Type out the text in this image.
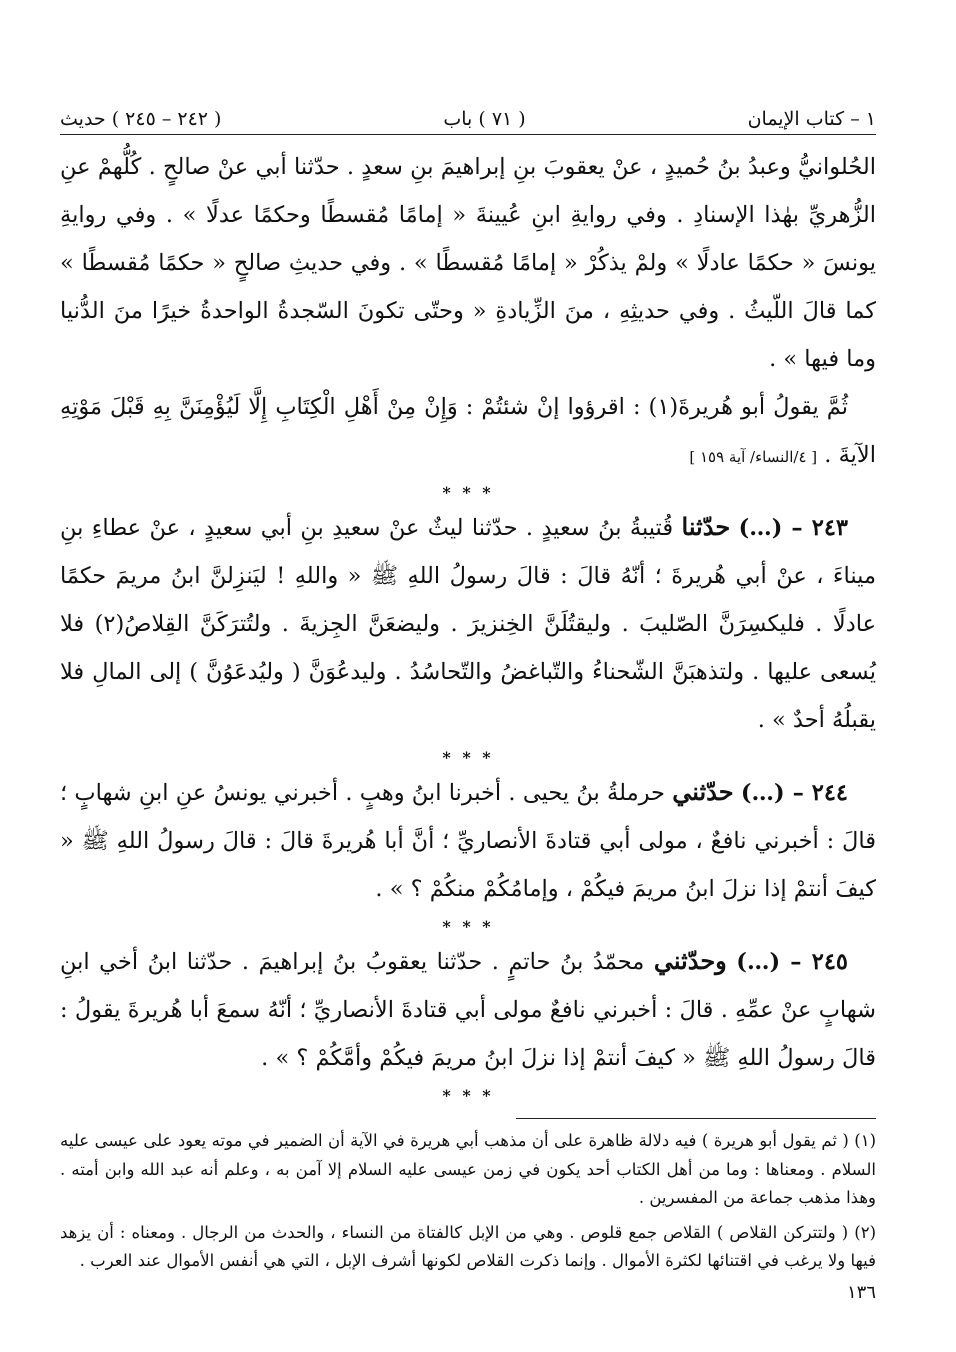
١ – كتاب الإيمان
( ٧١ ) باب
( ٢٤٢ – ٢٤٥ ) حديث

الحُلوانيُّ وعبدُ بنُ حُميدٍ ، عنْ يعقوبَ بنِ إبراهيمَ بنِ سعدٍ . حدّثنا أبي عنْ صالحٍ . كُلُّهمْ عنِ الزُّهريِّ بهٰذا الإسنادِ . وفي روايةِ ابنِ عُيينةَ « إمامًا مُقسطًا وحكمًا عدلًا » . وفي روايةِ يونسَ « حكمًا عادلًا » ولمْ يذكُرْ « إمامًا مُقسطًا » . وفي حديثِ صالحٍ « حكمًا مُقسطًا » كما قالَ اللّيثُ . وفي حديثِهِ ، منَ الزِّيادةِ « وحتّى تكونَ السّجدةُ الواحدةُ خيرًا منَ الدُّنيا وما فيها » .

ثُمَّ يقولُ أبو هُريرةَ(١) : اقرؤوا إنْ شئتُمْ : وَإِنْ مِنْ أَهْلِ الْكِتَابِ إِلَّا لَيُؤْمِنَنَّ بِهِ قَبْلَ مَوْتِهِ الآيةَ . [ ٤/النساء/ آية ١٥٩ ]

* * *

٢٤٣ – (…) حدّثنا قُتيبةُ بنُ سعيدٍ . حدّثنا ليثٌ عنْ سعيدِ بنِ أبي سعيدٍ ، عنْ عطاءِ بنِ ميناءَ ، عنْ أبي هُريرةَ ؛ أنّهُ قالَ : قالَ رسولُ اللهِ ﷺ « واللهِ ! ليَنزِلنَّ ابنُ مريمَ حكمًا عادلًا . فليكسِرَنَّ الصّليبَ . وليقتُلَنَّ الخِنزيرَ . وليضعَنَّ الجِزيةَ . ولتُترَكَنَّ القِلاصُ(٢) فلا يُسعى عليها . ولتذهبَنَّ الشّحناءُ والتّباغضُ والتّحاسُدُ . وليدعُوَنَّ ( وليُدعَوُنَّ ) إلى المالِ فلا يقبلُهُ أحدٌ » .

* * *

٢٤٤ – (…) حدّثني حرملةُ بنُ يحيى . أخبرنا ابنُ وهبٍ . أخبرني يونسُ عنِ ابنِ شهابٍ ؛ قالَ : أخبرني نافعٌ ، مولى أبي قتادةَ الأنصاريِّ ؛ أنَّ أبا هُريرةَ قالَ : قالَ رسولُ اللهِ ﷺ « كيفَ أنتمْ إذا نزلَ ابنُ مريمَ فيكُمْ ، وإمامُكُمْ منكُمْ ؟ » .

* * *

٢٤٥ – (…) وحدّثني محمّدُ بنُ حاتمٍ . حدّثنا يعقوبُ بنُ إبراهيمَ . حدّثنا ابنُ أخي ابنِ شهابٍ عنْ عمِّهِ . قالَ : أخبرني نافعٌ مولى أبي قتادةَ الأنصاريِّ ؛ أنّهُ سمعَ أبا هُريرةَ يقولُ : قالَ رسولُ اللهِ ﷺ « كيفَ أنتمْ إذا نزلَ ابنُ مريمَ فيكُمْ وأمَّكُمْ ؟ » .

* * *

(١) ( ثم يقول أبو هريرة ) فيه دلالة ظاهرة على أن مذهب أبي هريرة في الآية أن الضمير في موته يعود على عيسى عليه السلام . ومعناها : وما من أهل الكتاب أحد يكون في زمن عيسى عليه السلام إلا آمن به ، وعلم أنه عبد الله وابن أمته . وهذا مذهب جماعة من المفسرين .

(٢) ( ولتتركن القلاص ) القلاص جمع قلوص . وهي من الإبل كالفتاة من النساء ، والحدث من الرجال . ومعناه : أن يزهد فيها ولا يرغب في اقتنائها لكثرة الأموال . وإنما ذكرت القلاص لكونها أشرف الإبل ، التي هي أنفس الأموال عند العرب .

١٣٦
